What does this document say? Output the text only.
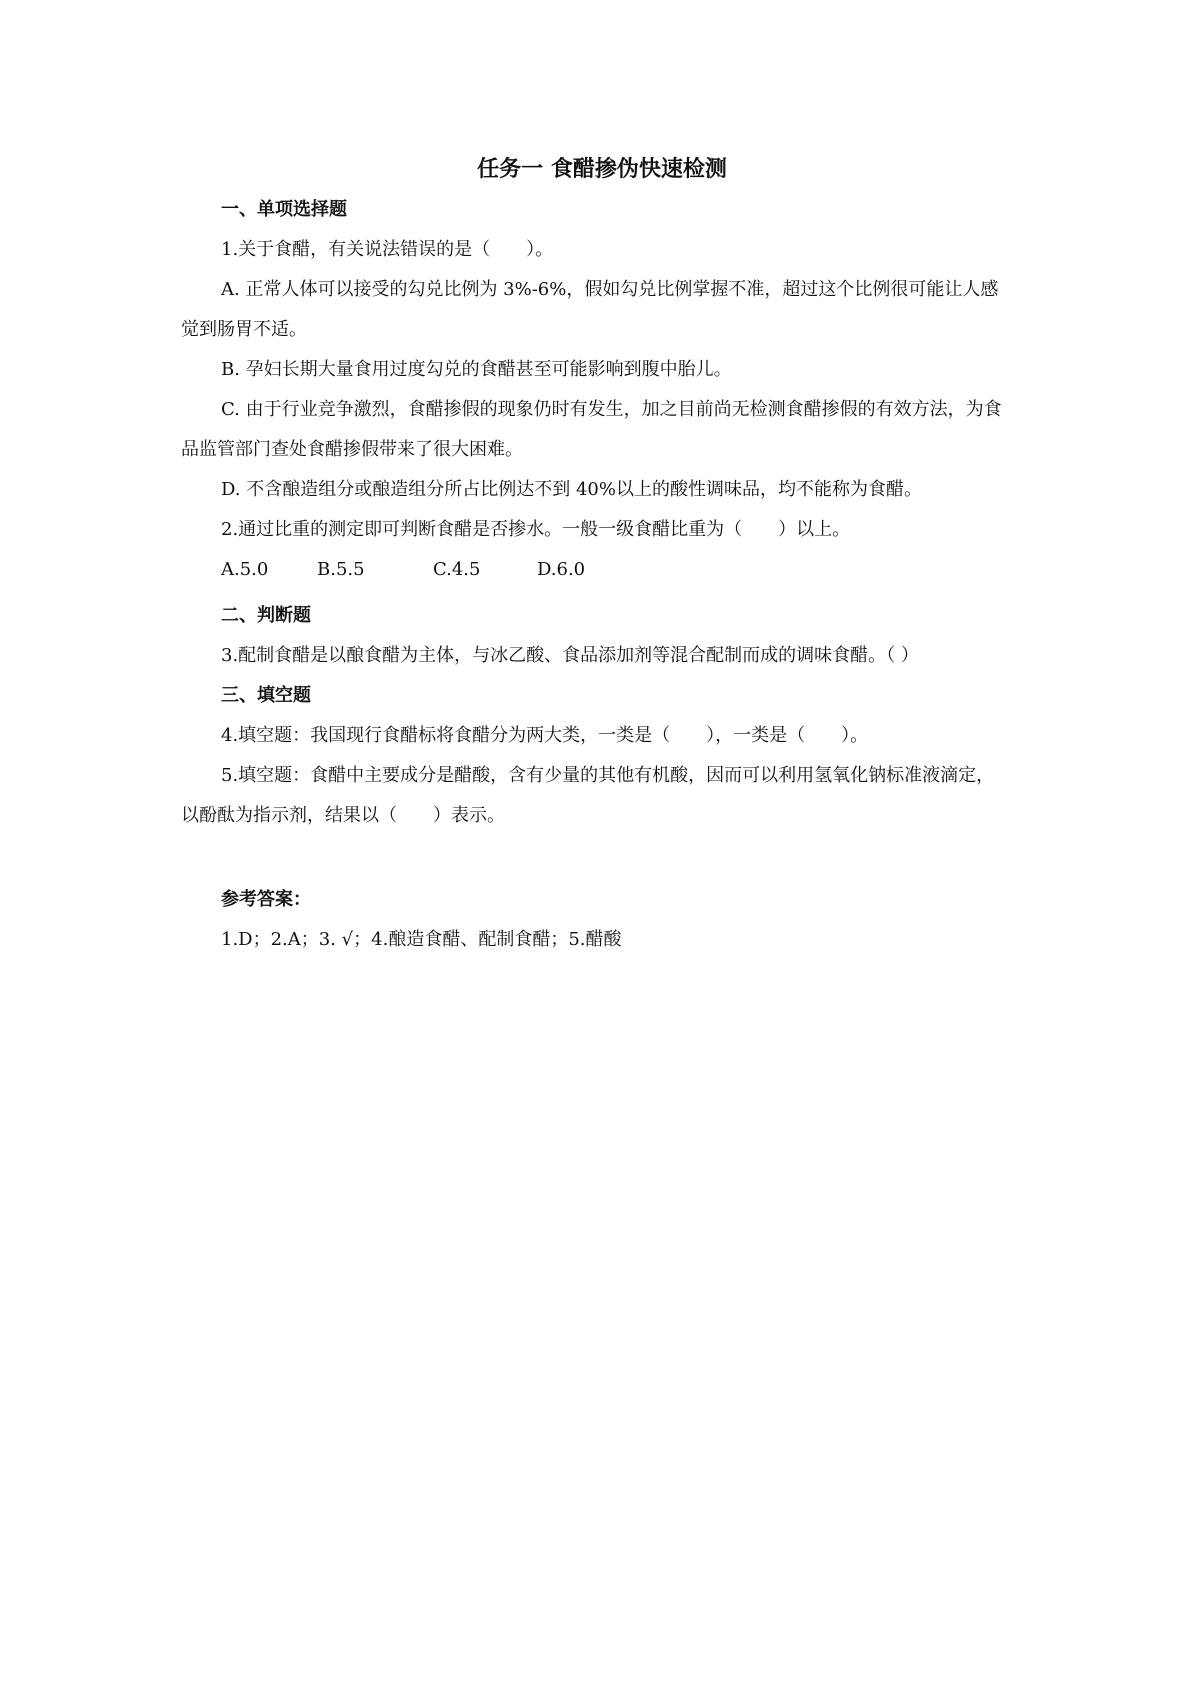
任务一 食醋掺伪快速检测
一、单项选择题

1.关于食醋，有关说法错误的是（　　）。

A. 正常人体可以接受的勾兑比例为 3%-6%，假如勾兑比例掌握不准，超过这个比例很可能让人感觉到肠胃不适。

B. 孕妇长期大量食用过度勾兑的食醋甚至可能影响到腹中胎儿。

C. 由于行业竞争激烈，食醋掺假的现象仍时有发生，加之目前尚无检测食醋掺假的有效方法，为食品监管部门查处食醋掺假带来了很大困难。

D. 不含酿造组分或酿造组分所占比例达不到 40%以上的酸性调味品，均不能称为食醋。

2.通过比重的测定即可判断食醋是否掺水。一般一级食醋比重为（　　）以上。

A.5.0	B.5.5	C.4.5	D.6.0
二、判断题

3.配制食醋是以酿食醋为主体，与冰乙酸、食品添加剂等混合配制而成的调味食醋。（ ）

三、填空题

4.填空题：我国现行食醋标将食醋分为两大类，一类是（　　），一类是（　　）。

5.填空题：食醋中主要成分是醋酸，含有少量的其他有机酸，因而可以利用氢氧化钠标准液滴定，以酚酞为指示剂，结果以（　　）表示。

参考答案：

1.D；2.A；3. √；4.酿造食醋、配制食醋；5.醋酸
